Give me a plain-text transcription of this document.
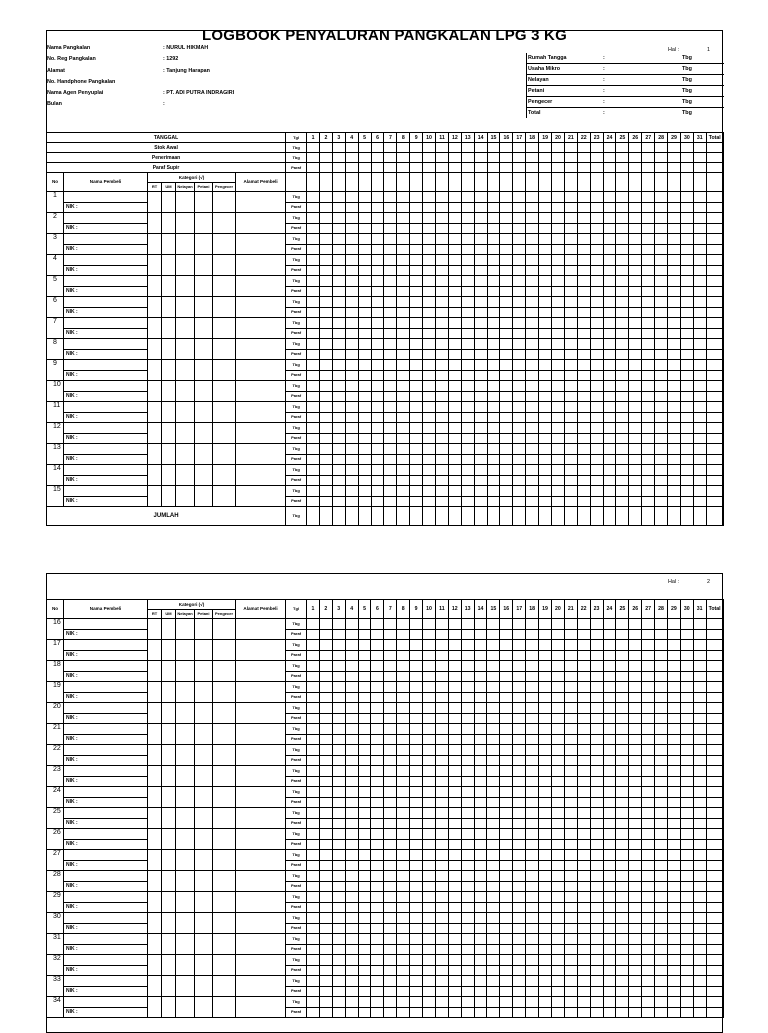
LOGBOOK PENYALURAN PANGKALAN LPG 3 KG
Nama Pangkalan	: NURUL HIKMAH
No. Reg Pangkalan	: 1292
Alamat	: Tanjung Harapan
No. Handphone Pangkalan
Nama Agen Penyuplai	: PT. ADI PUTRA INDRAGIRI
Bulan	:
Hal :	1
Rumah Tangga	:	Tbg
Usaha Mikro	:	Tbg
Nelayan	:	Tbg
Petani	:	Tbg
Pengecer	:	Tbg
Total	:	Tbg
TANGGAL								Tgl	1	2	3	4	5	6	7	8	9	10	11	12	13	14	15	16	17	18	19	20	21	22	23	24	25	26	27	28	29	30	31	Total
Stok Awal								Tbg																																
Penerimaan								Tbg																																
Paraf Supir								Paraf																																
No	Nama Pembeli	Kategori (√)					Alamat Pembeli																																	
		RT	UM	Nelayan	Petani	Pengecer																																		
1								Tbg																																
	NIK :							Paraf																																
2								Tbg																																
	NIK :							Paraf																																
3								Tbg																																
	NIK :							Paraf																																
4								Tbg																																
	NIK :							Paraf																																
5								Tbg																																
	NIK :							Paraf																																
6								Tbg																																
	NIK :							Paraf																																
7								Tbg																																
	NIK :							Paraf																																
8								Tbg																																
	NIK :							Paraf																																
9								Tbg																																
	NIK :							Paraf																																
10								Tbg																																
	NIK :							Paraf																																
11								Tbg																																
	NIK :							Paraf																																
12								Tbg																																
	NIK :							Paraf																																
13								Tbg																																
	NIK :							Paraf																																
14								Tbg																																
	NIK :							Paraf																																
15								Tbg																																
	NIK :							Paraf																																
JUMLAH								Tbg																																
Hal :	2
No	Nama Pembeli	Kategori (√)					Alamat Pembeli	Tgl	1	2	3	4	5	6	7	8	9	10	11	12	13	14	15	16	17	18	19	20	21	22	23	24	25	26	27	28	29	30	31	Total
		RT	UM	Nelayan	Petani	Pengecer																																		
16								Tbg																																
	NIK :							Paraf																																
17								Tbg																																
	NIK :							Paraf																																
18								Tbg																																
	NIK :							Paraf																																
19								Tbg																																
	NIK :							Paraf																																
20								Tbg																																
	NIK :							Paraf																																
21								Tbg																																
	NIK :							Paraf																																
22								Tbg																																
	NIK :							Paraf																																
23								Tbg																																
	NIK :							Paraf																																
24								Tbg																																
	NIK :							Paraf																																
25								Tbg																																
	NIK :							Paraf																																
26								Tbg																																
	NIK :							Paraf																																
27								Tbg																																
	NIK :							Paraf																																
28								Tbg																																
	NIK :							Paraf																																
29								Tbg																																
	NIK :							Paraf																																
30								Tbg																																
	NIK :							Paraf																																
31								Tbg																																
	NIK :							Paraf																																
32								Tbg																																
	NIK :							Paraf																																
33								Tbg																																
	NIK :							Paraf																																
34								Tbg																																
	NIK :							Paraf																																
